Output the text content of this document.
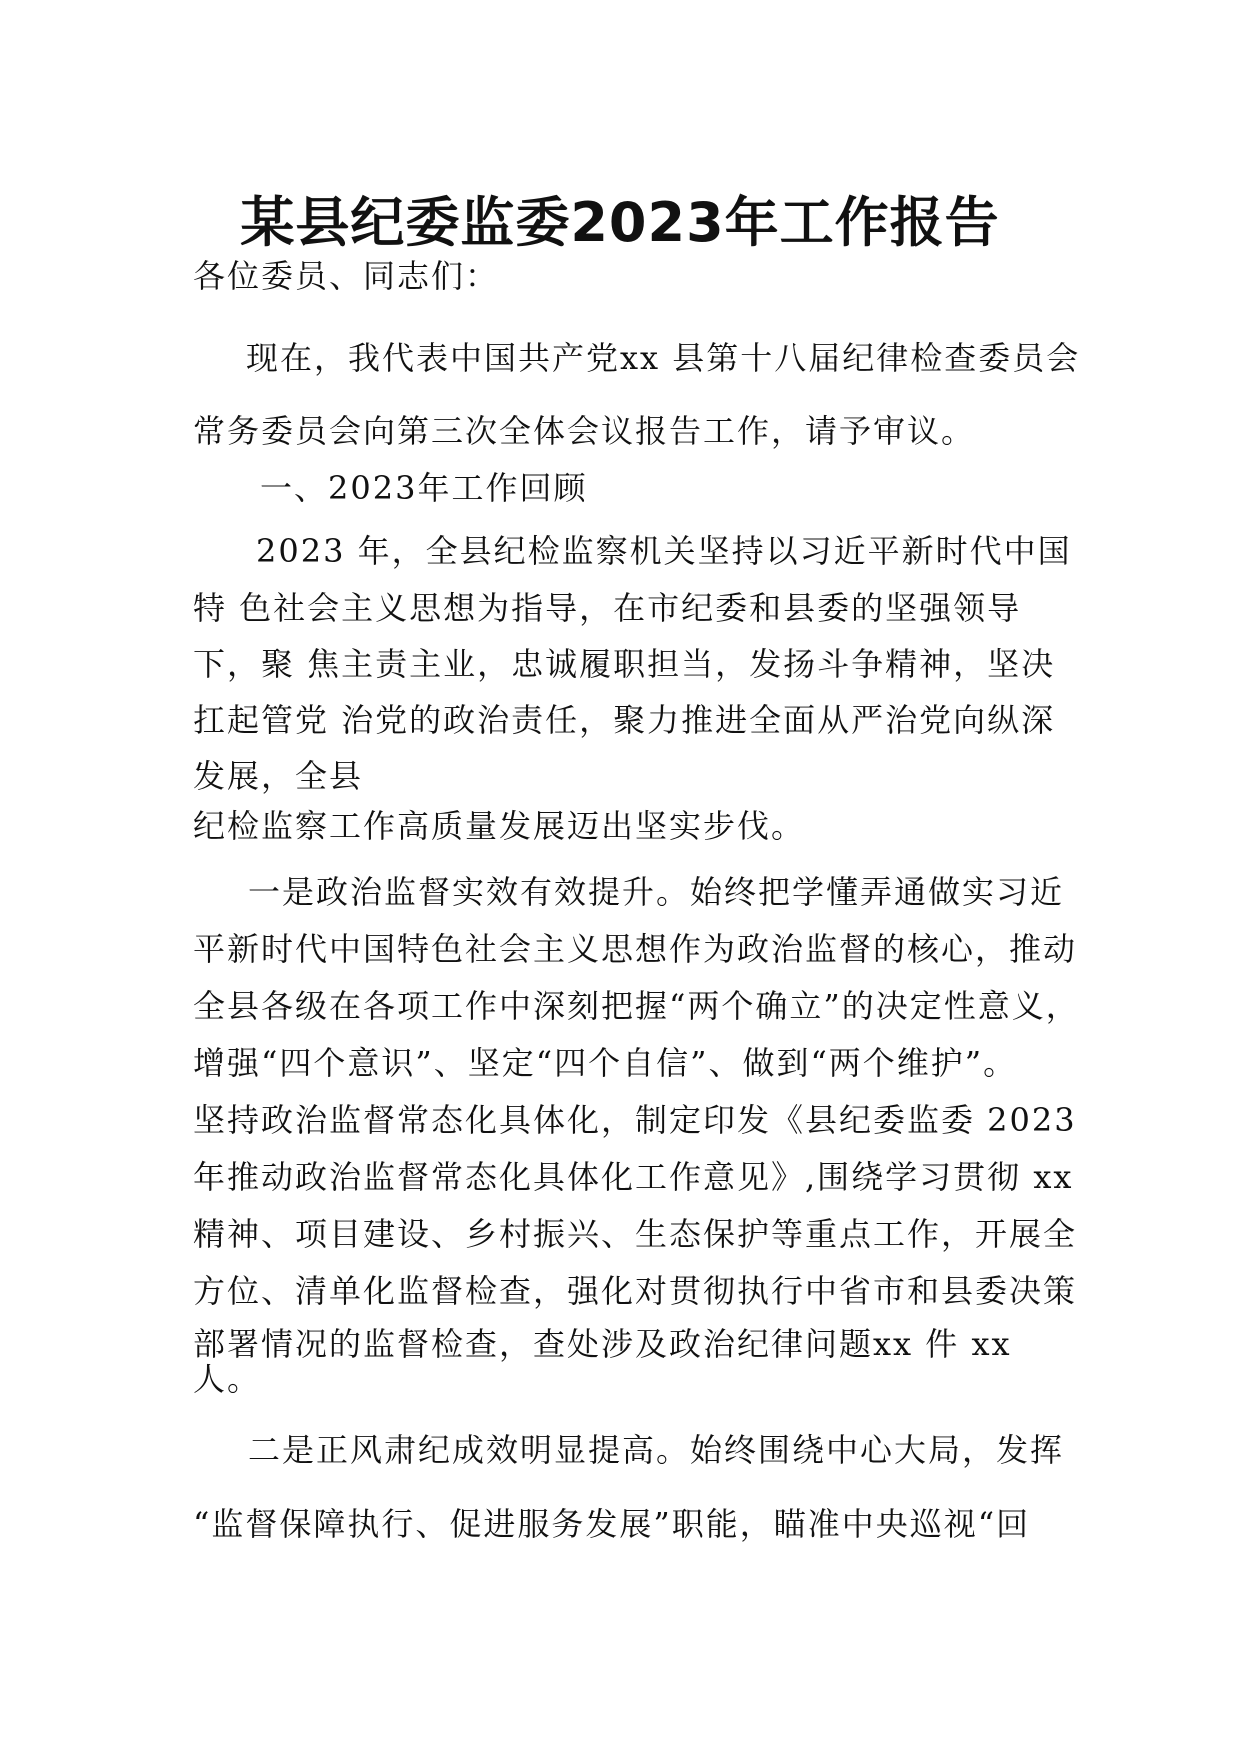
某县纪委监委2023年工作报告
各位委员、同志们：
现在，我代表中国共产党xx 县第十八届纪律检查委员会
常务委员会向第三次全体会议报告工作，请予审议。
一、2023年工作回顾
2023 年，全县纪检监察机关坚持以习近平新时代中国
特 色社会主义思想为指导，在市纪委和县委的坚强领导
下，聚 焦主责主业，忠诚履职担当，发扬斗争精神，坚决
扛起管党 治党的政治责任，聚力推进全面从严治党向纵深
发展，全县
纪检监察工作高质量发展迈出坚实步伐。
一是政治监督实效有效提升。始终把学懂弄通做实习近
平新时代中国特色社会主义思想作为政治监督的核心，推动
全县各级在各项工作中深刻把握“两个确立”的决定性意义，
增强“四个意识”、坚定“四个自信”、做到“两个维护”。
坚持政治监督常态化具体化，制定印发《县纪委监委 2023
年推动政治监督常态化具体化工作意见》,围绕学习贯彻 xx
精神、项目建设、乡村振兴、生态保护等重点工作，开展全
方位、清单化监督检查，强化对贯彻执行中省市和县委决策
部署情况的监督检查，查处涉及政治纪律问题xx 件 xx
人。
二是正风肃纪成效明显提高。始终围绕中心大局，发挥
“监督保障执行、促进服务发展”职能，瞄准中央巡视“回
